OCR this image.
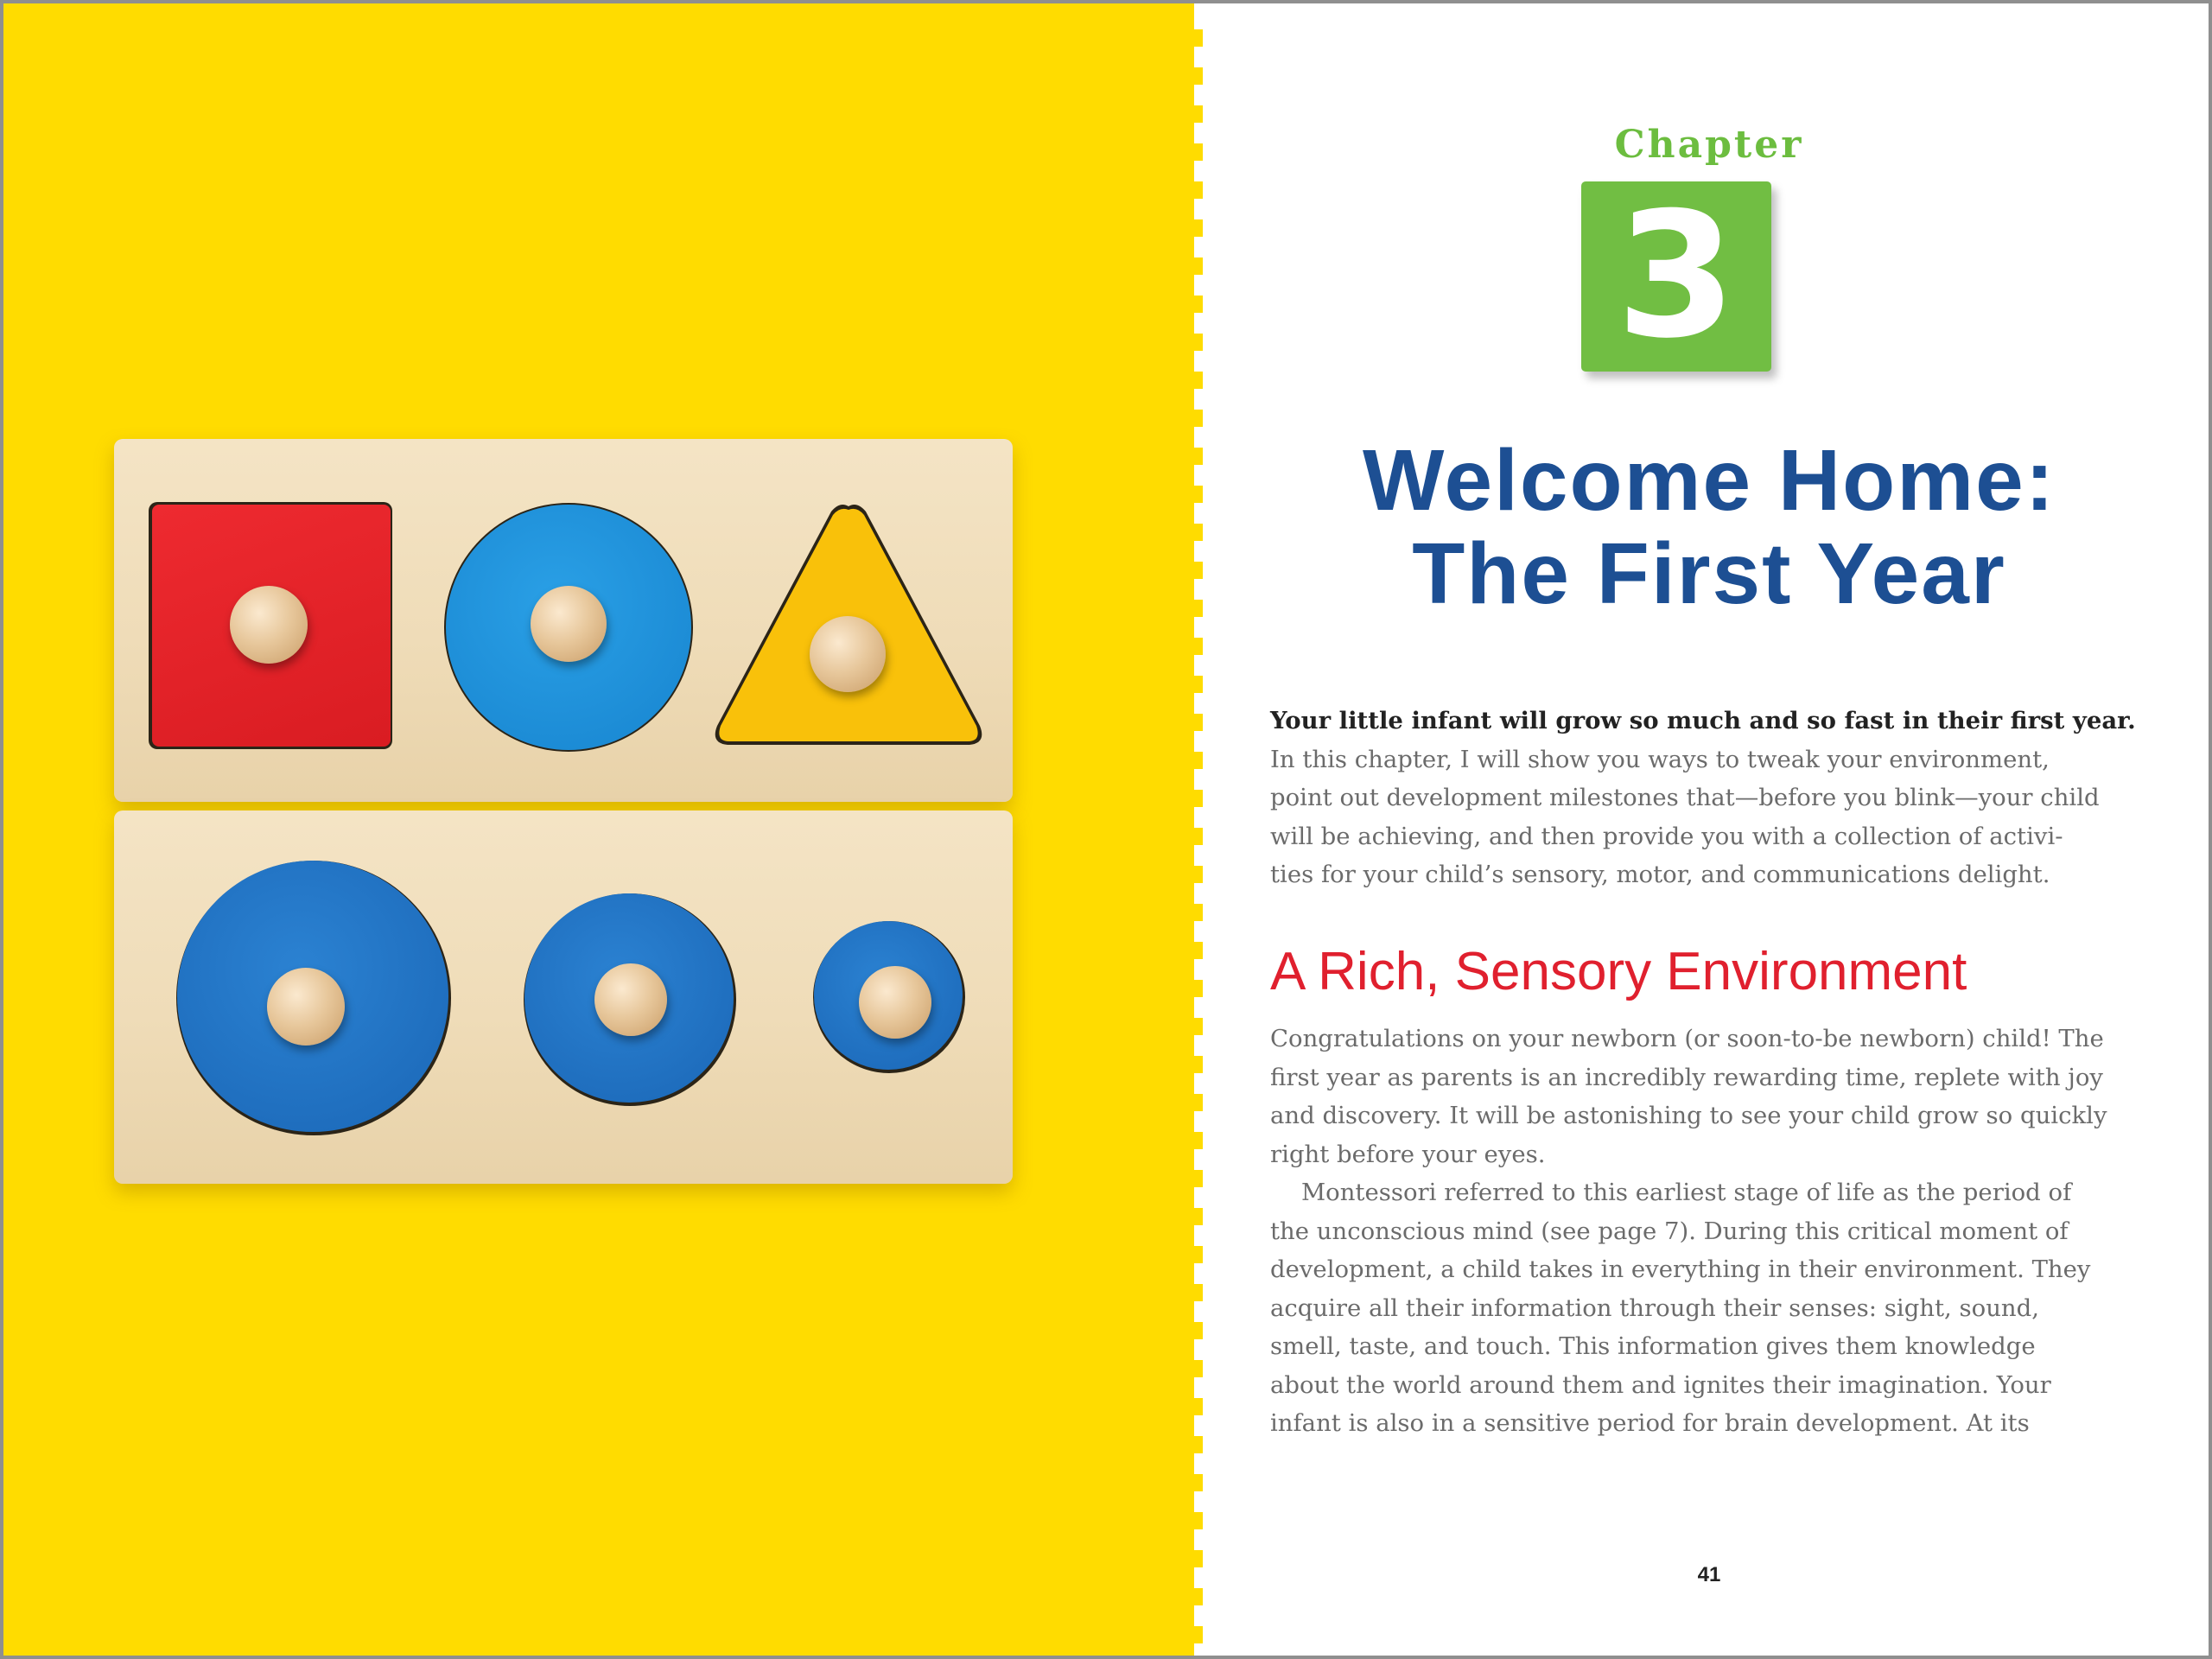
Chapter
3
Welcome Home:
The First Year
Your little infant will grow so much and so fast in their first year.
In this chapter, I will show you ways to tweak your environment,
point out development milestones that—before you blink—your child
will be achieving, and then provide you with a collection of activi-
ties for your child’s sensory, motor, and communications delight.
A Rich, Sensory Environment
Congratulations on your newborn (or soon-to-be newborn) child! The
first year as parents is an incredibly rewarding time, replete with joy
and discovery. It will be astonishing to see your child grow so quickly
right before your eyes.
Montessori referred to this earliest stage of life as the period of
the unconscious mind (see page 7). During this critical moment of
development, a child takes in everything in their environment. They
acquire all their information through their senses: sight, sound,
smell, taste, and touch. This information gives them knowledge
about the world around them and ignites their imagination. Your
infant is also in a sensitive period for brain development. At its
41
